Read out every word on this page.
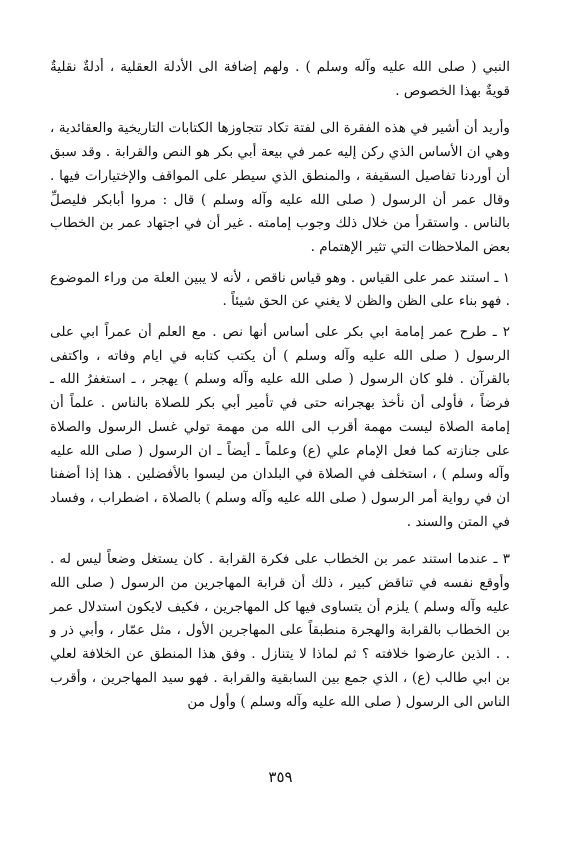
النبي ( صلى الله عليه وآله وسلم ) . ولهم إضافة الى الأدلة العقلية ، أدلةٌ نقليةٌ قويةٌ بهذا الخصوص .

وأريد أن أشير في هذه الفقرة الى لفتة تكاد تتجاوزها الكتابات التاريخية والعقائدية ، وهي ان الأساس الذي ركن إليه عمر في بيعة أبي بكر هو النص والقرابة . وقد سبق أن أوردنا تفاصيل السقيفة ، والمنطق الذي سيطر على المواقف والإختيارات فيها . وقال عمر أن الرسول ( صلى الله عليه وآله وسلم ) قال : مروا أبابكر فليصلِّ بالناس . واستقرأ من خلال ذلك وجوب إمامته . غير أن في اجتهاد عمر بن الخطاب بعض الملاحظات التي تثير الإهتمام .

١ ـ استند عمر على القياس . وهو قياس ناقص ، لأنه لا يبين العلة من وراء الموضوع . فهو بناء على الظن والظن لا يغني عن الحق شيئاً .

٢ ـ طرح عمر إمامة ابي بكر على أساس أنها نص . مع العلم أن عمراً ابي على الرسول ( صلى الله عليه وآله وسلم ) أن يكتب كتابه في ايام وفاته ، واكتفى بالقرآن . فلو كان الرسول ( صلى الله عليه وآله وسلم ) يهجر ، ـ استغفرُ الله ـ فرضاً ، فأولى أن نأخذ بهجرانه حتى في تأمير أبي بكر للصلاة بالناس . علماً أن إمامة الصلاة ليست مهمة أقرب الى الله من مهمة تولي غسل الرسول والصلاة على جنازته كما فعل الإمام علي (ع) وعلماً ـ أيضاً ـ ان الرسول ( صلى الله عليه وآله وسلم ) ، استخلف في الصلاة في البلدان من ليسوا بالأفضلين . هذا إذا أضفنا ان في رواية أمر الرسول ( صلى الله عليه وآله وسلم ) بالصلاة ، اضطراب ، وفساد في المتن والسند .

٣ ـ عندما استند عمر بن الخطاب على فكرة القرابة . كان يستغل وضعاً ليس له . وأوقع نفسه في تناقض كبير ، ذلك أن قرابة المهاجرين من الرسول ( صلى الله عليه وآله وسلم ) يلزم أن يتساوى فيها كل المهاجرين ، فكيف لايكون استدلال عمر بن الخطاب بالقرابة والهجرة منطبقاً على المهاجرين الأول ، مثل عمّار ، وأبي ذر و . . الذين عارضوا خلافته ؟ ثم لماذا لا يتنازل . وفق هذا المنطق عن الخلافة لعلي بن ابي طالب (ع) ، الذي جمع بين السابقية والقرابة . فهو سيد المهاجرين ، وأقرب الناس الى الرسول ( صلى الله عليه وآله وسلم ) وأول من

٣٥٩
